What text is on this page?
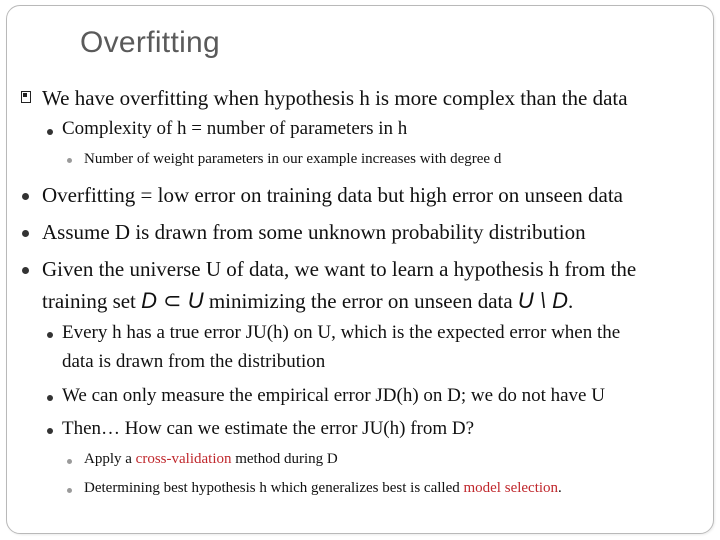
Overfitting
We have overfitting when hypothesis h is more complex than the data
Complexity of h = number of parameters in h
Number of weight parameters in our example increases with degree d
Overfitting = low error on training data but high error on unseen data
Assume D is drawn from some unknown probability distribution
Given the universe U of data, we want to learn a hypothesis h from the
training set D ⊂ U minimizing the error on unseen data U \ D.
Every h has a true error JU(h) on U, which is the expected error when the
data is drawn from the distribution
We can only measure the empirical error JD(h) on D; we do not have U
Then… How can we estimate the error JU(h) from D?
Apply a cross-validation method during D
Determining best hypothesis h which generalizes best is called model selection.
